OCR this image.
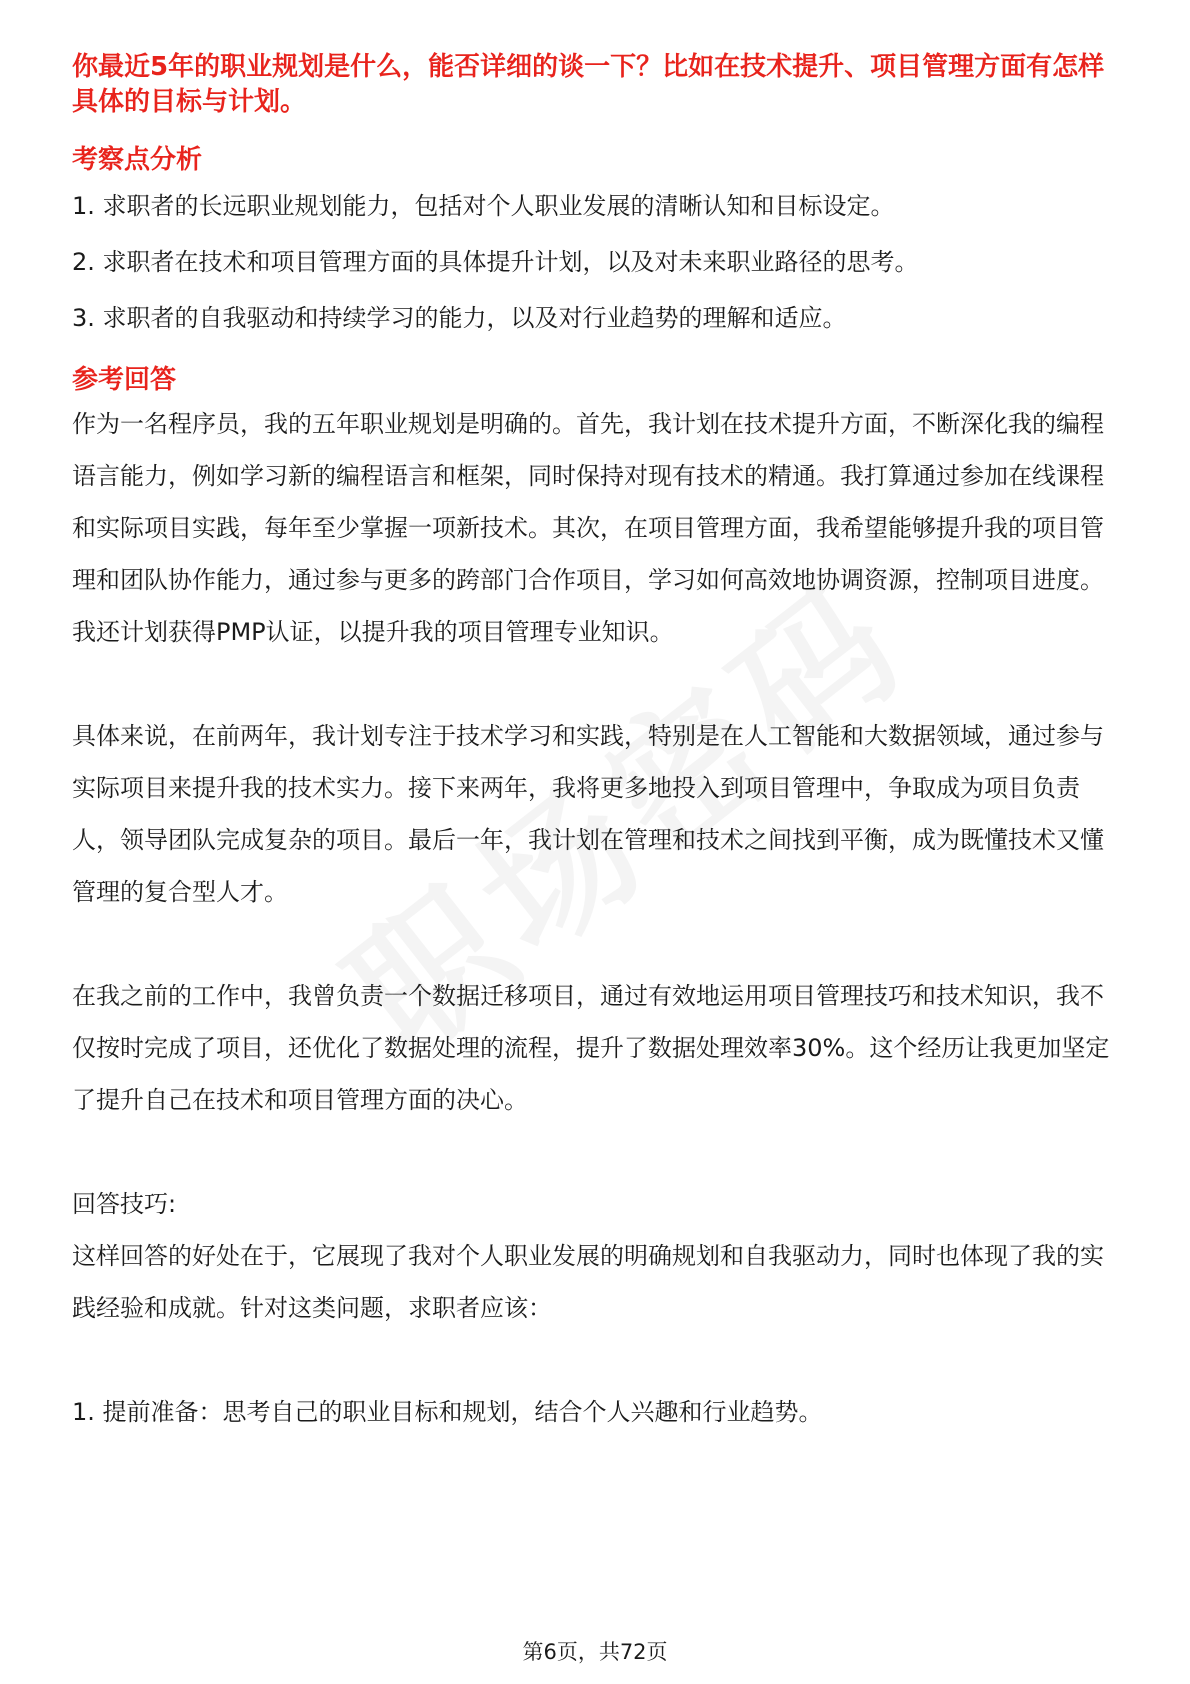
你最近5年的职业规划是什么，能否详细的谈一下？比如在技术提升、项目管理方面有怎样具体的目标与计划。
考察点分析
1. 求职者的长远职业规划能力，包括对个人职业发展的清晰认知和目标设定。
2. 求职者在技术和项目管理方面的具体提升计划，以及对未来职业路径的思考。
3. 求职者的自我驱动和持续学习的能力，以及对行业趋势的理解和适应。
参考回答
作为一名程序员，我的五年职业规划是明确的。首先，我计划在技术提升方面，不断深化我的编程语言能力，例如学习新的编程语言和框架，同时保持对现有技术的精通。我打算通过参加在线课程和实际项目实践，每年至少掌握一项新技术。其次，在项目管理方面，我希望能够提升我的项目管理和团队协作能力，通过参与更多的跨部门合作项目，学习如何高效地协调资源，控制项目进度。我还计划获得PMP认证，以提升我的项目管理专业知识。
具体来说，在前两年，我计划专注于技术学习和实践，特别是在人工智能和大数据领域，通过参与实际项目来提升我的技术实力。接下来两年，我将更多地投入到项目管理中，争取成为项目负责人，领导团队完成复杂的项目。最后一年，我计划在管理和技术之间找到平衡，成为既懂技术又懂管理的复合型人才。
在我之前的工作中，我曾负责一个数据迁移项目，通过有效地运用项目管理技巧和技术知识，我不仅按时完成了项目，还优化了数据处理的流程，提升了数据处理效率30%。这个经历让我更加坚定了提升自己在技术和项目管理方面的决心。
回答技巧:
这样回答的好处在于，它展现了我对个人职业发展的明确规划和自我驱动力，同时也体现了我的实践经验和成就。针对这类问题，求职者应该：
1. 提前准备：思考自己的职业目标和规划，结合个人兴趣和行业趋势。
第6页，共72页
